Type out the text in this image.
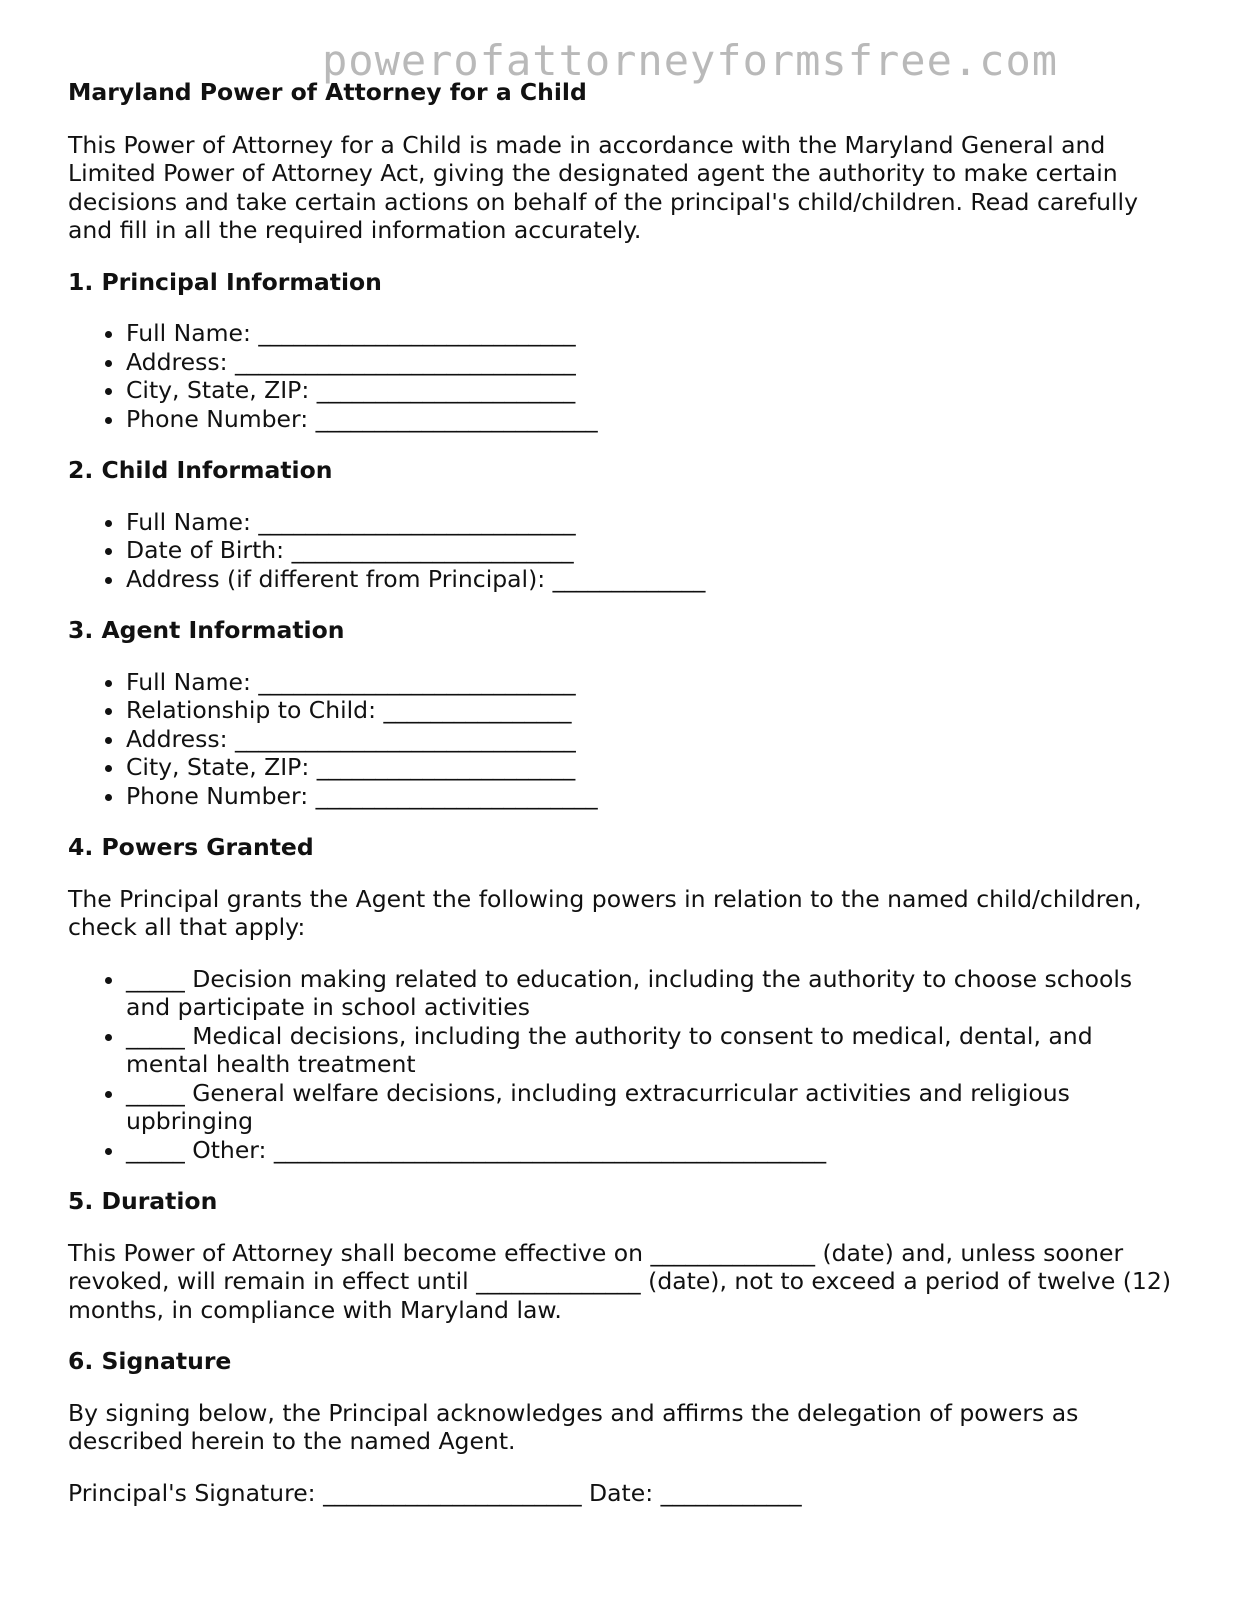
powerofattorneyformsfree.com
Maryland Power of Attorney for a Child

This Power of Attorney for a Child is made in accordance with the Maryland General and Limited Power of Attorney Act, giving the designated agent the authority to make certain decisions and take certain actions on behalf of the principal's child/children. Read carefully and fill in all the required information accurately.

1. Principal Information
• Full Name: ___________________________
• Address: _____________________________
• City, State, ZIP: ______________________
• Phone Number: ________________________
2. Child Information
• Full Name: ___________________________
• Date of Birth: ________________________
• Address (if different from Principal): _____________
3. Agent Information
• Full Name: ___________________________
• Relationship to Child: ________________
• Address: _____________________________
• City, State, ZIP: ______________________
• Phone Number: ________________________
4. Powers Granted

The Principal grants the Agent the following powers in relation to the named child/children, check all that apply:

• _____ Decision making related to education, including the authority to choose schools and participate in school activities
• _____ Medical decisions, including the authority to consent to medical, dental, and mental health treatment
• _____ General welfare decisions, including extracurricular activities and religious upbringing
• _____ Other: _______________________________________________
5. Duration

This Power of Attorney shall become effective on ______________ (date) and, unless sooner revoked, will remain in effect until ______________ (date), not to exceed a period of twelve (12) months, in compliance with Maryland law.

6. Signature

By signing below, the Principal acknowledges and affirms the delegation of powers as described herein to the named Agent.

Principal's Signature: ______________________ Date: ____________
